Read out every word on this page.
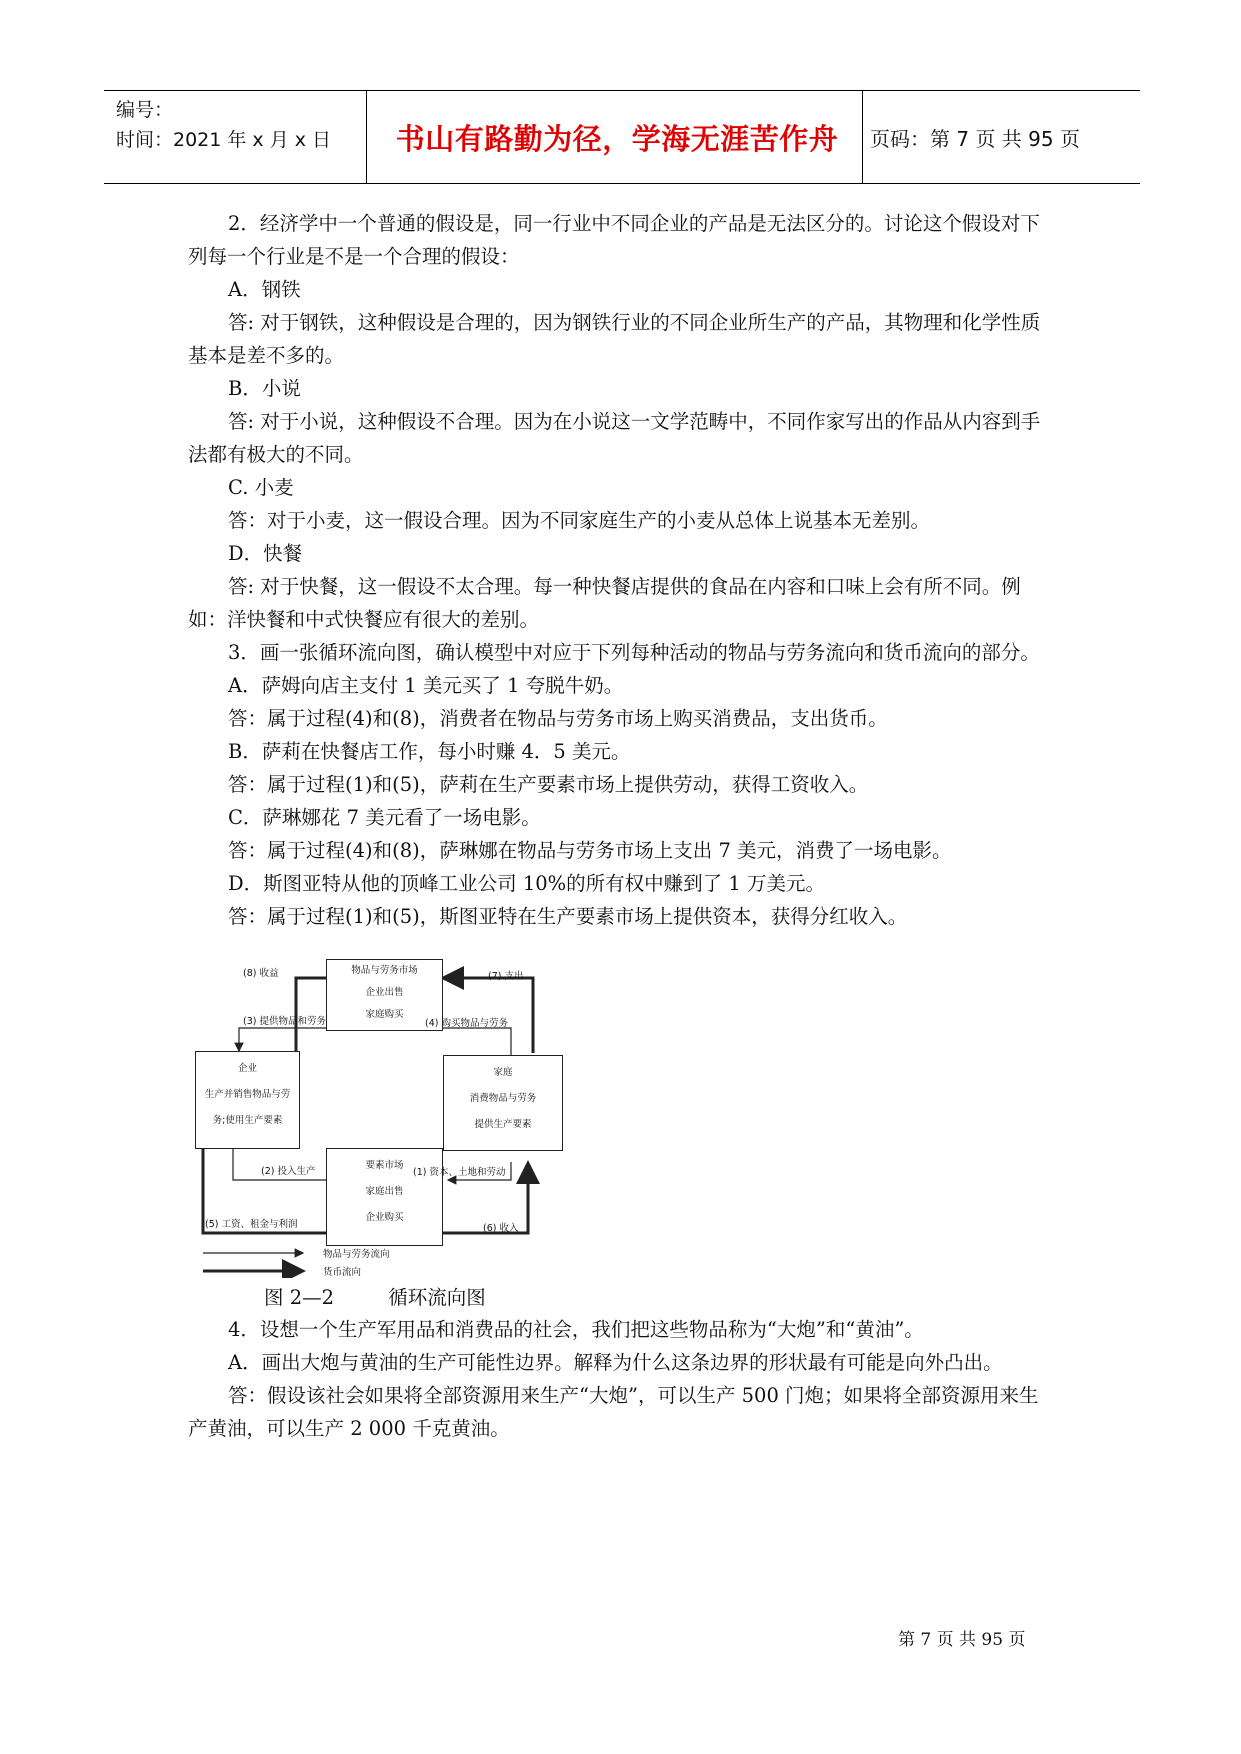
编号：
时间：2021 年 x 月 x 日	书山有路勤为径，学海无涯苦作舟	页码：第 7 页 共 95 页

2．经济学中一个普通的假设是，同一行业中不同企业的产品是无法区分的。讨论这个假设对下列每一个行业是不是一个合理的假设：

A．钢铁

答: 对于钢铁，这种假设是合理的，因为钢铁行业的不同企业所生产的产品，其物理和化学性质基本是差不多的。

B．小说

答: 对于小说，这种假设不合理。因为在小说这一文学范畴中，不同作家写出的作品从内容到手法都有极大的不同。

C. 小麦

答：对于小麦，这一假设合理。因为不同家庭生产的小麦从总体上说基本无差别。

D．快餐

答: 对于快餐，这一假设不太合理。每一种快餐店提供的食品在内容和口味上会有所不同。例如：洋快餐和中式快餐应有很大的差别。

3．画一张循环流向图，确认模型中对应于下列每种活动的物品与劳务流向和货币流向的部分。

A．萨姆向店主支付 1 美元买了 1 夸脱牛奶。

答：属于过程(4)和(8)，消费者在物品与劳务市场上购买消费品，支出货币。

B．萨莉在快餐店工作，每小时赚 4．5 美元。

答：属于过程(1)和(5)，萨莉在生产要素市场上提供劳动，获得工资收入。

C．萨琳娜花 7 美元看了一场电影。

答：属于过程(4)和(8)，萨琳娜在物品与劳务市场上支出 7 美元，消费了一场电影。

D．斯图亚特从他的顶峰工业公司 10%的所有权中赚到了 1 万美元。

答：属于过程(1)和(5)，斯图亚特在生产要素市场上提供资本，获得分红收入。

物品与劳务市场
企业出售
家庭购买
企业
生产并销售物品与劳
务;使用生产要素
家庭
消费物品与劳务
提供生产要素
要素市场
家庭出售
企业购买
(8) 收益	(7) 支出
(3) 提供物品和劳务	(4) 购买物品与劳务
(2) 投入生产	(1) 资本、土地和劳动
(5) 工资、租金与利润	(6) 收入
物品与劳务流向
货币流向
图 2—2	循环流向图

4．设想一个生产军用品和消费品的社会，我们把这些物品称为“大炮”和“黄油”。

A．画出大炮与黄油的生产可能性边界。解释为什么这条边界的形状最有可能是向外凸出。

答：假设该社会如果将全部资源用来生产“大炮”，可以生产 500 门炮；如果将全部资源用来生产黄油，可以生产 2 000 千克黄油。

第 7 页 共 95 页
